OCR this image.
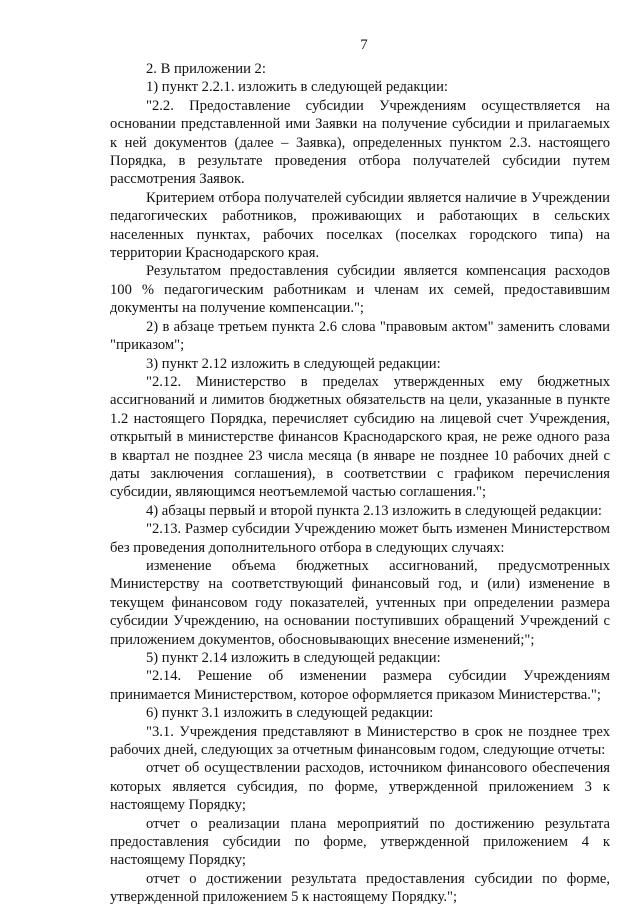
7

2. В приложении 2:

1) пункт 2.2.1. изложить в следующей редакции:

"2.2. Предоставление субсидии Учреждениям осуществляется на основании представленной ими Заявки на получение субсидии и прилагаемых к ней документов (далее – Заявка), определенных пунктом 2.3. настоящего Порядка, в результате проведения отбора получателей субсидии путем рассмотрения Заявок.

Критерием отбора получателей субсидии является наличие в Учреждении педагогических работников, проживающих и работающих в сельских населенных пунктах, рабочих поселках (поселках городского типа) на территории Краснодарского края.

Результатом предоставления субсидии является компенсация расходов 100 % педагогическим работникам и членам их семей, предоставившим документы на получение компенсации.";

2) в абзаце третьем пункта 2.6 слова "правовым актом" заменить словами "приказом";

3) пункт 2.12 изложить в следующей редакции:

"2.12. Министерство в пределах утвержденных ему бюджетных ассигнований и лимитов бюджетных обязательств на цели, указанные в пункте 1.2 настоящего Порядка, перечисляет субсидию на лицевой счет Учреждения, открытый в министерстве финансов Краснодарского края, не реже одного раза в квартал не позднее 23 числа месяца (в январе не позднее 10 рабочих дней с даты заключения соглашения), в соответствии с графиком перечисления субсидии, являющимся неотъемлемой частью соглашения.";

4) абзацы первый и второй пункта 2.13 изложить в следующей редакции:

"2.13. Размер субсидии Учреждению может быть изменен Министерством без проведения дополнительного отбора в следующих случаях:

изменение объема бюджетных ассигнований, предусмотренных Министерству на соответствующий финансовый год, и (или) изменение в текущем финансовом году показателей, учтенных при определении размера субсидии Учреждению, на основании поступивших обращений Учреждений с приложением документов, обосновывающих внесение изменений;";

5) пункт 2.14 изложить в следующей редакции:

"2.14. Решение об изменении размера субсидии Учреждениям принимается Министерством, которое оформляется приказом Министерства.";

6) пункт 3.1 изложить в следующей редакции:

"3.1. Учреждения представляют в Министерство в срок не позднее трех рабочих дней, следующих за отчетным финансовым годом, следующие отчеты:

отчет об осуществлении расходов, источником финансового обеспечения которых является субсидия, по форме, утвержденной приложением 3 к настоящему Порядку;

отчет о реализации плана мероприятий по достижению результата предоставления субсидии по форме, утвержденной приложением 4 к настоящему Порядку;

отчет о достижении результата предоставления субсидии по форме, утвержденной приложением 5 к настоящему Порядку.";
